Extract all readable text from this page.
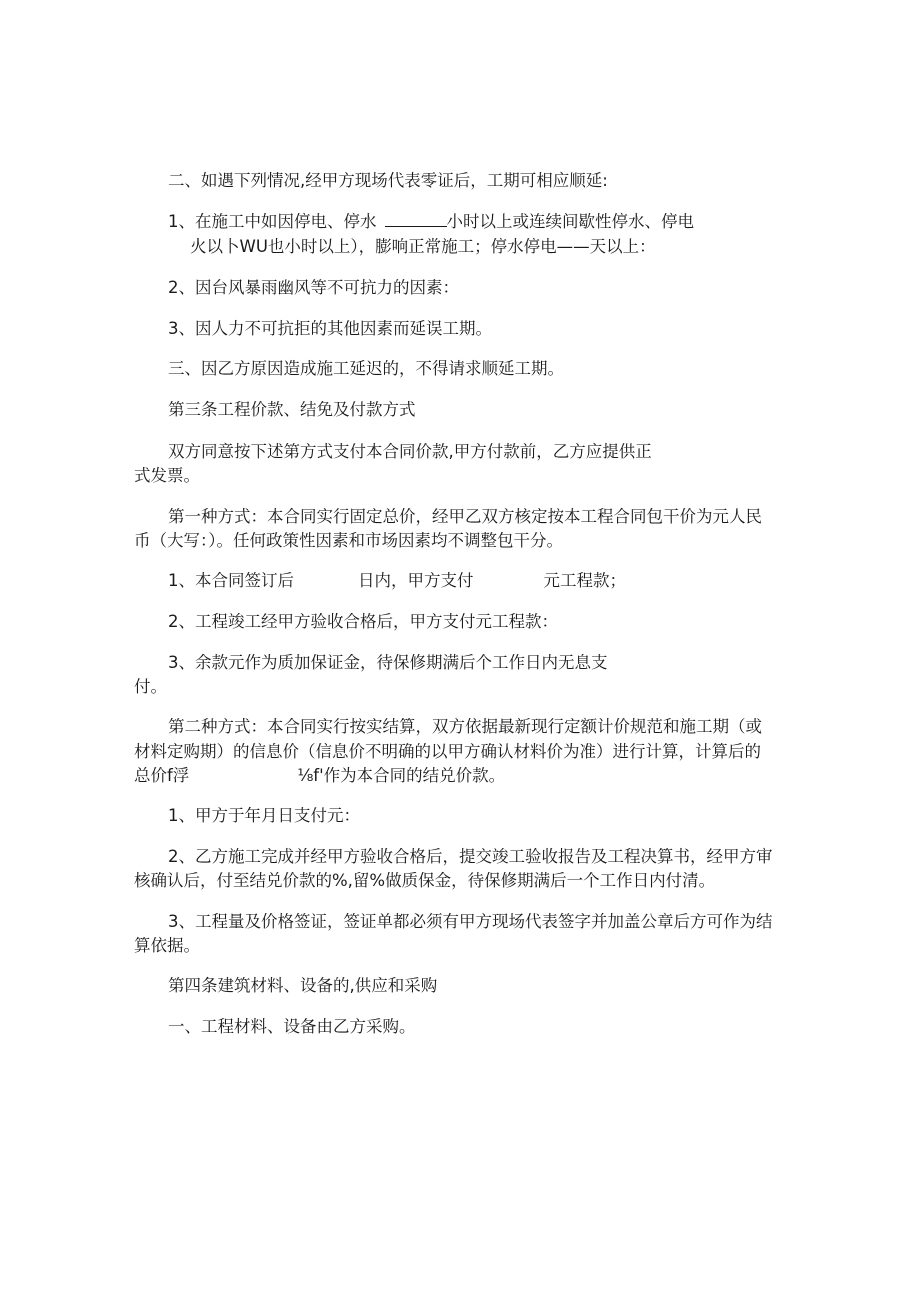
二、如遇下列情况,经甲方现场代表零证后，工期可相应顺延:

1、在施工中如因停电、停水	小时以上或连续间歇性停水、停电

火以卜WU也小时以上），膨响正常施工；停水停电——天以上：

2、因台风暴雨幽风等不可抗力的因素：

3、因人力不可抗拒的其他因素而延误工期。

三、因乙方原因造成施工延迟的，不得请求顺延工期。

第三条工程价款、结免及付款方式

双方同意按下述第方式支付本合同价款,甲方付款前，乙方应提供正

式发票。

第一种方式：本合同实行固定总价，经甲乙双方核定按本工程合同包干价为元人民

币（大写：）。任何政策性因素和市场因素均不调整包干分。

1、本合同签订后	日内，甲方支付	元工程款；

2、工程竣工经甲方验收合格后，甲方支付元工程款：

3、余款元作为质加保证金，待保修期满后个工作日内无息支

付。

第二种方式：本合同实行按实结算，双方依据最新现行定额计价规范和施工期（或

材料定购期）的信息价（信息价不明确的以甲方确认材料价为准）进行计算，计算后的

总价f浮	⅛f'作为本合同的结兑价款。

1、甲方于年月日支付元：

2、乙方施工完成并经甲方验收合格后，提交竣工验收报告及工程决算书，经甲方审

核确认后，付至结兑价款的%,留%做质保金，待保修期满后一个工作日内付清。

3、工程量及价格签证，签证单都必须有甲方现场代表签字并加盖公章后方可作为结

算依据。

第四条建筑材料、设备的,供应和采购

一、工程材料、设备由乙方采购。
